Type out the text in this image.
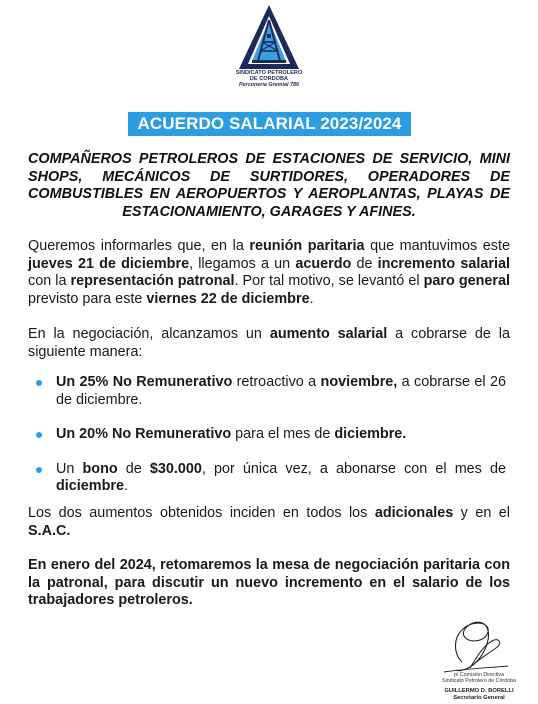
SINDICATO PETROLERO
DE CORDOBA
Personería Gremial 786
ACUERDO SALARIAL 2023/2024
COMPAÑEROS PETROLEROS DE ESTACIONES DE SERVICIO, MINI SHOPS, MECÁNICOS DE SURTIDORES, OPERADORES DE COMBUSTIBLES EN AEROPUERTOS Y AEROPLANTAS, PLAYAS DE ESTACIONAMIENTO, GARAGES Y AFINES.
Queremos informarles que, en la reunión paritaria que mantuvimos este jueves 21 de diciembre, llegamos a un acuerdo de incremento salarial con la representación patronal. Por tal motivo, se levantó el paro general previsto para este viernes 22 de diciembre.
En la negociación, alcanzamos un aumento salarial a cobrarse de la siguiente manera:
Un 25% No Remunerativo retroactivo a noviembre, a cobrarse el 26 de diciembre.
Un 20% No Remunerativo para el mes de diciembre.
Un bono de $30.000, por única vez, a abonarse con el mes de diciembre.
Los dos aumentos obtenidos inciden en todos los adicionales y en el S.A.C.
En enero del 2024, retomaremos la mesa de negociación paritaria con la patronal, para discutir un nuevo incremento en el salario de los trabajadores petroleros.
p/ Comisión Directiva
Sindicato Petrolero de Córdoba
GUILLERMO D. BORELLI
Secretario General
